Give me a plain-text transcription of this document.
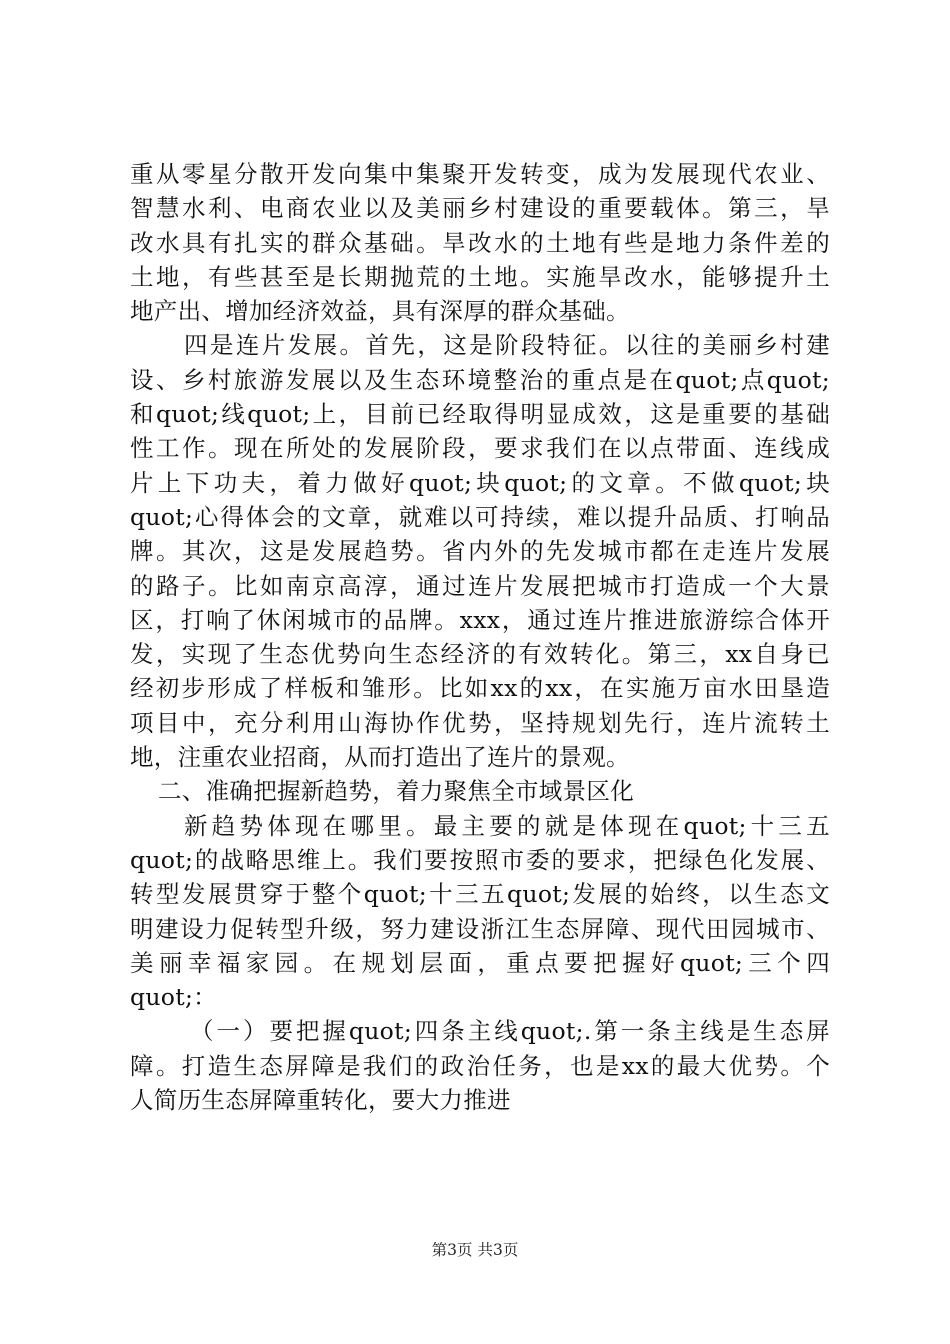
重从零星分散开发向集中集聚开发转变，成为发展现代农业、
智慧水利、电商农业以及美丽乡村建设的重要载体。第三，旱
改水具有扎实的群众基础。旱改水的土地有些是地力条件差的
土地，有些甚至是长期抛荒的土地。实施旱改水，能够提升土
地产出、增加经济效益，具有深厚的群众基础。
四是连片发展。首先，这是阶段特征。以往的美丽乡村建
设、乡村旅游发展以及生态环境整治的重点是在quot;点quot;
和quot;线quot;上，目前已经取得明显成效，这是重要的基础
性工作。现在所处的发展阶段，要求我们在以点带面、连线成
片上下功夫，着力做好quot;块quot;的文章。不做quot;块
quot;心得体会的文章，就难以可持续，难以提升品质、打响品
牌。其次，这是发展趋势。省内外的先发城市都在走连片发展
的路子。比如南京高淳，通过连片发展把城市打造成一个大景
区，打响了休闲城市的品牌。xxx，通过连片推进旅游综合体开
发，实现了生态优势向生态经济的有效转化。第三，xx自身已
经初步形成了样板和雏形。比如xx的xx，在实施万亩水田垦造
项目中，充分利用山海协作优势，坚持规划先行，连片流转土
地，注重农业招商，从而打造出了连片的景观。
二、准确把握新趋势，着力聚焦全市域景区化
新趋势体现在哪里。最主要的就是体现在quot;十三五
quot;的战略思维上。我们要按照市委的要求，把绿色化发展、
转型发展贯穿于整个quot;十三五quot;发展的始终，以生态文
明建设力促转型升级，努力建设浙江生态屏障、现代田园城市、
美丽幸福家园。在规划层面，重点要把握好quot;三个四
quot;：
（一）要把握quot;四条主线quot;.第一条主线是生态屏
障。打造生态屏障是我们的政治任务，也是xx的最大优势。个
人简历生态屏障重转化，要大力推进
第3页 共3页
